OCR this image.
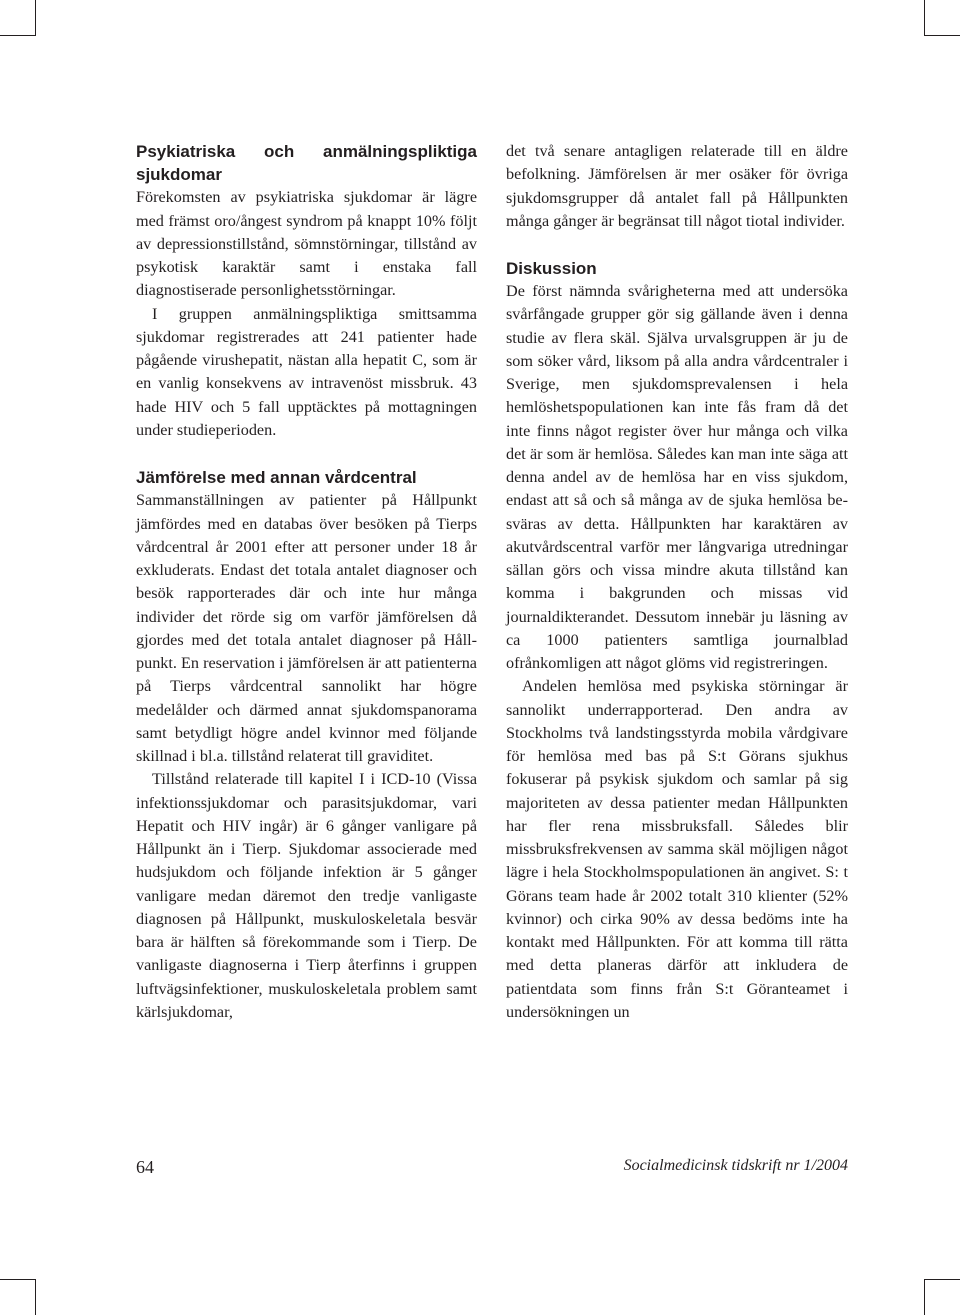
Psykiatriska och anmälningspliktiga sjukdomar

Förekomsten av psykiatriska sjukdomar är lägre med främst oro/ångest syndrom på knappt 10% följt av depressionstillstånd, sömnstörningar, tillstånd av psykotisk karaktär samt i enstaka fall diagnostiserade personlighetsstörningar.

I gruppen anmälningspliktiga smittsamma sjukdomar registrerades att 241 patienter hade pågående virushepatit, nästan alla hepatit C, som är en vanlig konsekvens av intravenöst missbruk. 43 hade HIV och 5 fall upptäcktes på mottagningen under studieperioden.

Jämförelse med annan vårdcentral

Sammanställningen av patienter på Hållpunkt jämfördes med en databas över besöken på Tierps vårdcentral år 2001 efter att personer under 18 år exkluderats. Endast det totala antalet diagnoser och besök rapporterades där och inte hur många individer det rörde sig om varför jämförelsen då gjordes med det totala antalet diagnoser på Hållpunkt. En reservation i jämförelsen är att patienterna på Tierps vårdcentral sannolikt har högre medelålder och därmed annat sjukdomspanorama samt betydligt högre andel kvinnor med följande skillnad i bl.a. tillstånd relaterat till graviditet.

Tillstånd relaterade till kapitel I i ICD-10 (Vissa infektionssjukdomar och parasitsjukdomar, vari Hepatit och HIV ingår) är 6 gånger vanligare på Hållpunkt än i Tierp. Sjukdomar associerade med hudsjukdom och följande infektion är 5 gånger vanligare medan däremot den tredje vanligaste diagnosen på Hållpunkt, muskuloskeletala besvär bara är hälften så förekommande som i Tierp. De vanligaste diagnoserna i Tierp återfinns i gruppen luftvägsinfektioner, muskuloskeletala problem samt kärlsjukdomar,

det två senare antagligen relaterade till en äldre befolkning. Jämförelsen är mer osäker för övriga sjukdomsgrupper då antalet fall på Hållpunkten många gånger är begränsat till något tiotal individer.

Diskussion

De först nämnda svårigheterna med att undersöka svårfångade grupper gör sig gällande även i denna studie av flera skäl. Själva urvalsgruppen är ju de som söker vård, liksom på alla andra vårdcentraler i Sverige, men sjukdomsprevalensen i hela hemlöshetspopulationen kan inte fås fram då det inte finns något register över hur många och vilka det är som är hemlösa. Således kan man inte säga att denna andel av de hemlösa har en viss sjukdom, endast att så och så många av de sjuka hemlösa besväras av detta. Hållpunkten har karaktären av akutvårdscentral varför mer långvariga utredningar sällan görs och vissa mindre akuta tillstånd kan komma i bakgrunden och missas vid journaldikterandet. Dessutom innebär ju läsning av ca 1000 patienters samtliga journalblad ofrånkomligen att något glöms vid registreringen.

Andelen hemlösa med psykiska störningar är sannolikt underrapporterad. Den andra av Stockholms två landstingsstyrda mobila vårdgivare för hemlösa med bas på S:t Görans sjukhus fokuserar på psykisk sjukdom och samlar på sig majoriteten av dessa patienter medan Hållpunkten har fler rena missbruksfall. Således blir missbruksfrekvensen av samma skäl möjligen något lägre i hela Stockholmspopulationen än angivet. S: t Görans team hade år 2002 totalt 310 klienter (52% kvinnor) och cirka 90% av dessa bedöms inte ha kontakt med Hållpunkten. För att komma till rätta med detta planeras därför att inkludera de patientdata som finns från S:t Göranteamet i undersökningen un

64	Socialmedicinsk tidskrift nr 1/2004
